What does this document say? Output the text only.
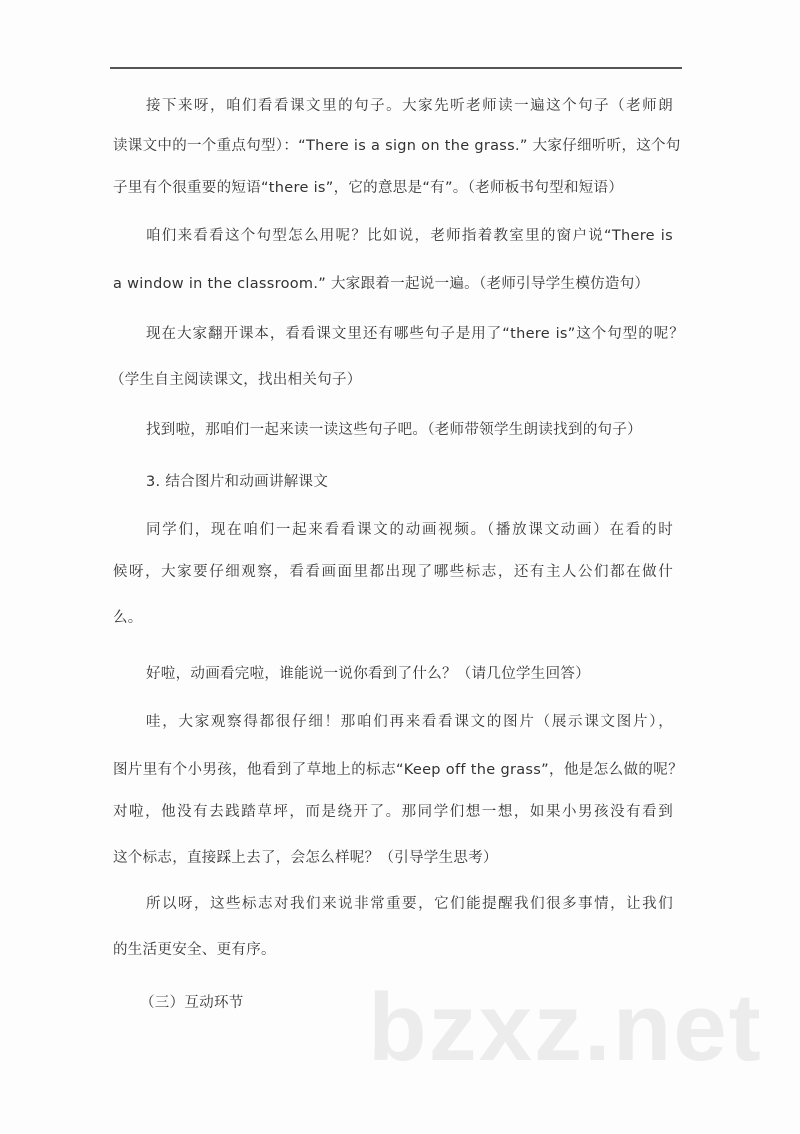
接下来呀，咱们看看课文里的句子。大家先听老师读一遍这个句子（老师朗
读课文中的一个重点句型）：“There is a sign on the grass.” 大家仔细听听，这个句
子里有个很重要的短语“there is”，它的意思是“有”。（老师板书句型和短语）
咱们来看看这个句型怎么用呢？比如说，老师指着教室里的窗户说“There is
a window in the classroom.” 大家跟着一起说一遍。（老师引导学生模仿造句）
现在大家翻开课本，看看课文里还有哪些句子是用了“there is”这个句型的呢？
（学生自主阅读课文，找出相关句子）
找到啦，那咱们一起来读一读这些句子吧。（老师带领学生朗读找到的句子）
3. 结合图片和动画讲解课文
同学们，现在咱们一起来看看课文的动画视频。（播放课文动画）在看的时
候呀，大家要仔细观察，看看画面里都出现了哪些标志，还有主人公们都在做什
么。
好啦，动画看完啦，谁能说一说你看到了什么？（请几位学生回答）
哇，大家观察得都很仔细！那咱们再来看看课文的图片（展示课文图片），
图片里有个小男孩，他看到了草地上的标志“Keep off the grass”，他是怎么做的呢？
对啦，他没有去践踏草坪，而是绕开了。那同学们想一想，如果小男孩没有看到
这个标志，直接踩上去了，会怎么样呢？（引导学生思考）
所以呀，这些标志对我们来说非常重要，它们能提醒我们很多事情，让我们
的生活更安全、更有序。
（三）互动环节 bzxz.net
